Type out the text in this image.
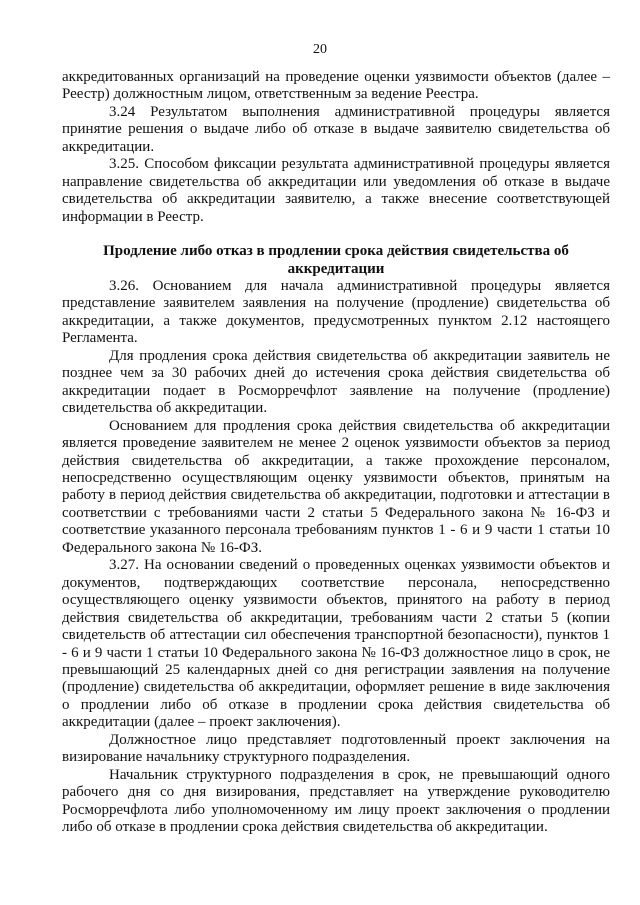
20

аккредитованных организаций на проведение оценки уязвимости объектов (далее – Реестр) должностным лицом, ответственным за ведение Реестра.

3.24 Результатом выполнения административной процедуры является принятие решения о выдаче либо об отказе в выдаче заявителю свидетельства об аккредитации.

3.25. Способом фиксации результата административной процедуры является направление свидетельства об аккредитации или уведомления об отказе в выдаче свидетельства об аккредитации заявителю, а также внесение соответствующей информации в Реестр.

Продление либо отказ в продлении срока действия свидетельства об аккредитации

3.26. Основанием для начала административной процедуры является представление заявителем заявления на получение (продление) свидетельства об аккредитации, а также документов, предусмотренных пунктом 2.12 настоящего Регламента.

Для продления срока действия свидетельства об аккредитации заявитель не позднее чем за 30 рабочих дней до истечения срока действия свидетельства об аккредитации подает в Росморречфлот заявление на получение (продление) свидетельства об аккредитации.

Основанием для продления срока действия свидетельства об аккредитации является проведение заявителем не менее 2 оценок уязвимости объектов за период действия свидетельства об аккредитации, а также прохождение персоналом, непосредственно осуществляющим оценку уязвимости объектов, принятым на работу в период действия свидетельства об аккредитации, подготовки и аттестации в соответствии с требованиями части 2 статьи 5 Федерального закона № 16-ФЗ и соответствие указанного персонала требованиям пунктов 1 - 6 и 9 части 1 статьи 10 Федерального закона № 16-ФЗ.

3.27. На основании сведений о проведенных оценках уязвимости объектов и документов, подтверждающих соответствие персонала, непосредственно осуществляющего оценку уязвимости объектов, принятого на работу в период действия свидетельства об аккредитации, требованиям части 2 статьи 5 (копии свидетельств об аттестации сил обеспечения транспортной безопасности), пунктов 1 - 6 и 9 части 1 статьи 10 Федерального закона № 16-ФЗ должностное лицо в срок, не превышающий 25 календарных дней со дня регистрации заявления на получение (продление) свидетельства об аккредитации, оформляет решение в виде заключения о продлении либо об отказе в продлении срока действия свидетельства об аккредитации (далее – проект заключения).

Должностное лицо представляет подготовленный проект заключения на визирование начальнику структурного подразделения.

Начальник структурного подразделения в срок, не превышающий одного рабочего дня со дня визирования, представляет на утверждение руководителю Росморречфлота либо уполномоченному им лицу проект заключения о продлении либо об отказе в продлении срока действия свидетельства об аккредитации.
